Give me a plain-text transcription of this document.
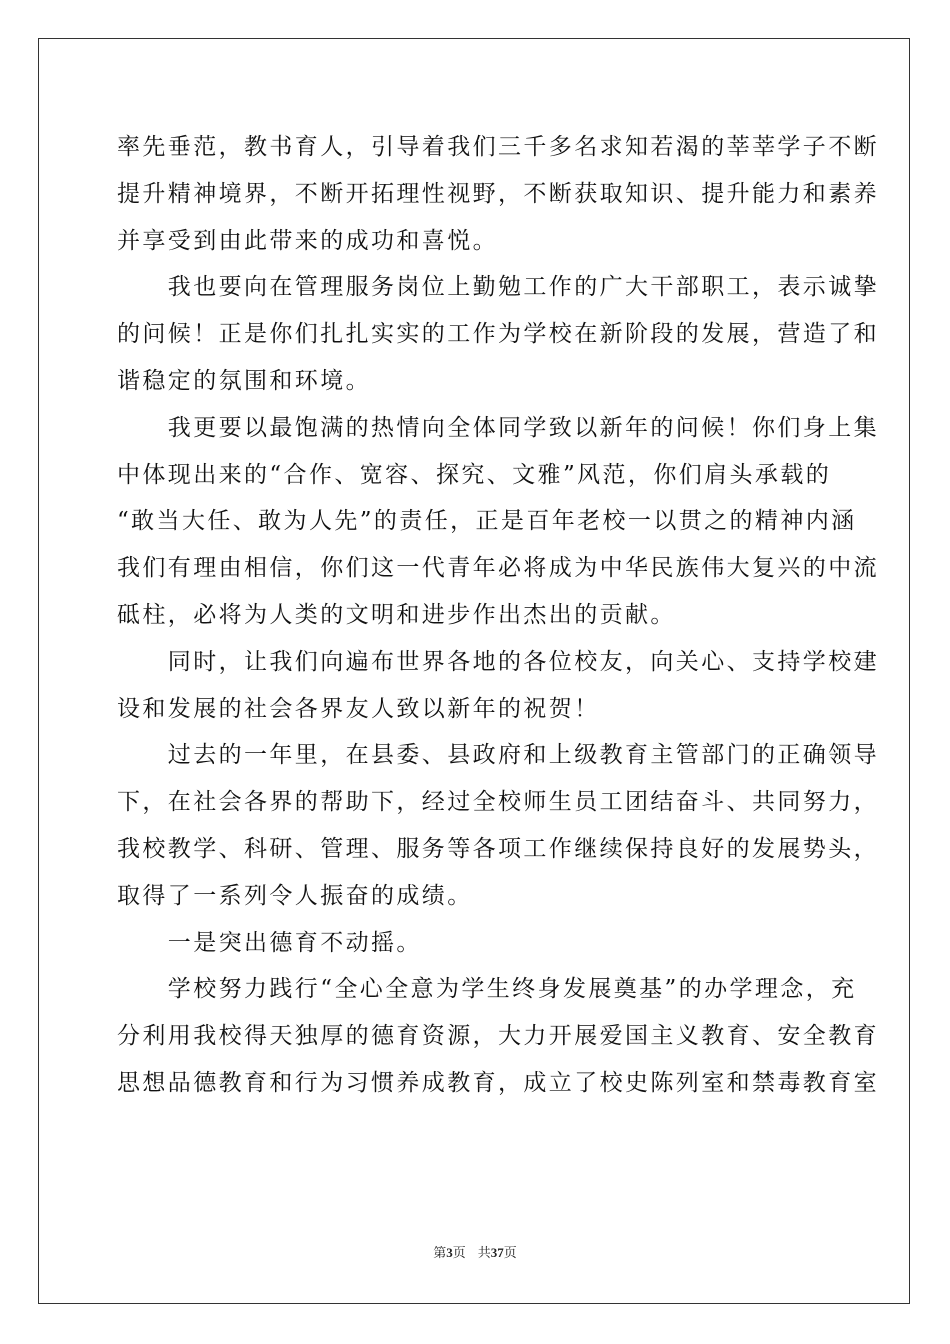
率先垂范，教书育人，引导着我们三千多名求知若渴的莘莘学子不断
提升精神境界，不断开拓理性视野，不断获取知识、提升能力和素养
并享受到由此带来的成功和喜悦。
　　我也要向在管理服务岗位上勤勉工作的广大干部职工，表示诚挚
的问候！正是你们扎扎实实的工作为学校在新阶段的发展，营造了和
谐稳定的氛围和环境。
　　我更要以最饱满的热情向全体同学致以新年的问候！你们身上集
中体现出来的“合作、宽容、探究、文雅”风范，你们肩头承载的
“敢当大任、敢为人先”的责任，正是百年老校一以贯之的精神内涵
我们有理由相信，你们这一代青年必将成为中华民族伟大复兴的中流
砥柱，必将为人类的文明和进步作出杰出的贡献。
　　同时，让我们向遍布世界各地的各位校友，向关心、支持学校建
设和发展的社会各界友人致以新年的祝贺！
　　过去的一年里，在县委、县政府和上级教育主管部门的正确领导
下，在社会各界的帮助下，经过全校师生员工团结奋斗、共同努力，
我校教学、科研、管理、服务等各项工作继续保持良好的发展势头，
取得了一系列令人振奋的成绩。
　　一是突出德育不动摇。
　　学校努力践行“全心全意为学生终身发展奠基”的办学理念，充
分利用我校得天独厚的德育资源，大力开展爱国主义教育、安全教育
思想品德教育和行为习惯养成教育，成立了校史陈列室和禁毒教育室
第3页 共37页
